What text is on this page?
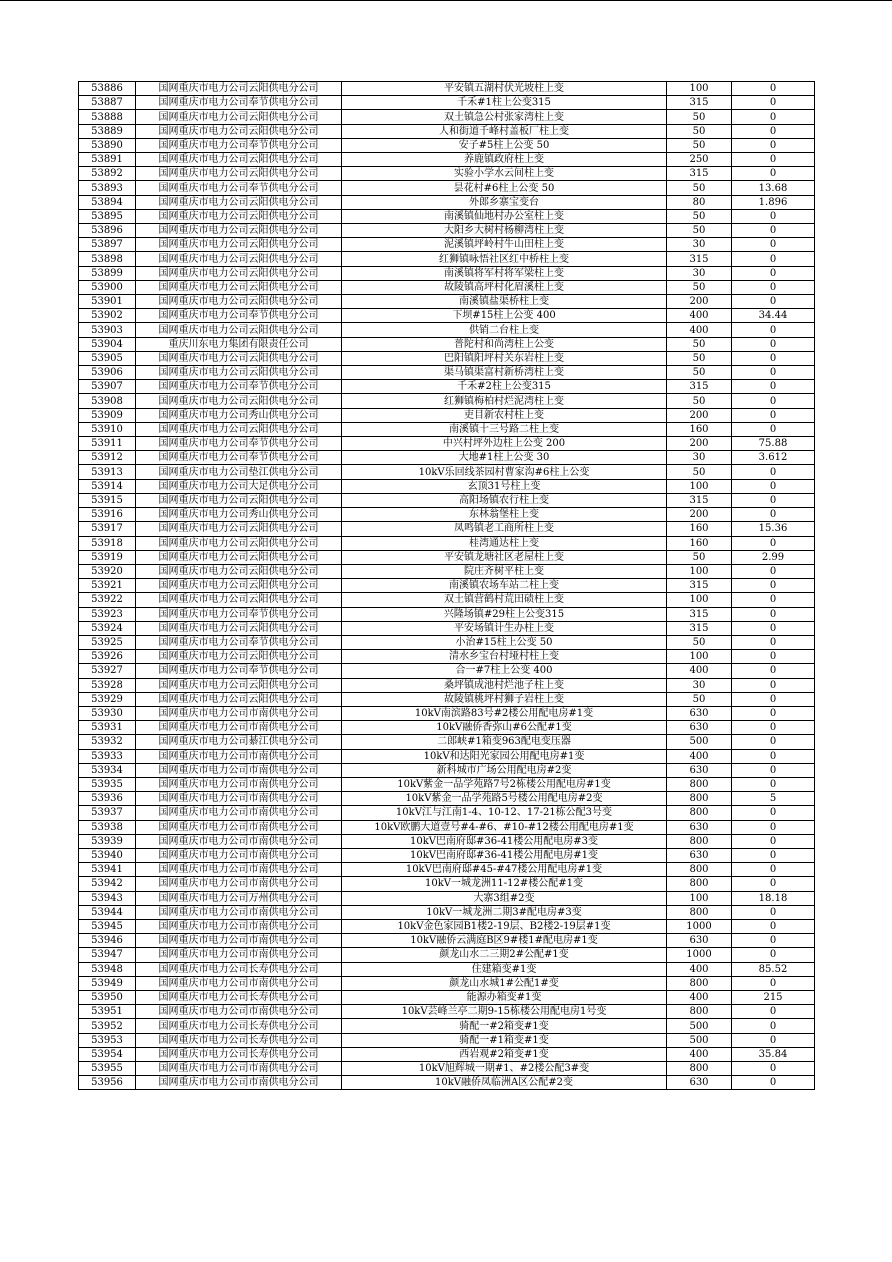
53886	国网重庆市电力公司云阳供电分公司	平安镇五湖村伏光坡柱上变	100	0
53887	国网重庆市电力公司奉节供电分公司	千禾#1柱上公变315	315	0
53888	国网重庆市电力公司云阳供电分公司	双土镇急公村张家湾柱上变	50	0
53889	国网重庆市电力公司云阳供电分公司	人和街道千峰村盖板厂柱上变	50	0
53890	国网重庆市电力公司奉节供电分公司	安子#5柱上公变 50	50	0
53891	国网重庆市电力公司云阳供电分公司	养鹿镇政府柱上变	250	0
53892	国网重庆市电力公司云阳供电分公司	实验小学水云间柱上变	315	0
53893	国网重庆市电力公司奉节供电分公司	昙花村#6柱上公变 50	50	13.68
53894	国网重庆市电力公司云阳供电分公司	外郎乡寨宝变台	80	1.896
53895	国网重庆市电力公司云阳供电分公司	南溪镇仙地村办公室柱上变	50	0
53896	国网重庆市电力公司云阳供电分公司	大阳乡大树村杨柳湾柱上变	50	0
53897	国网重庆市电力公司云阳供电分公司	泥溪镇坪岭村牛山田柱上变	30	0
53898	国网重庆市电力公司云阳供电分公司	红狮镇咏悟社区红中桥柱上变	315	0
53899	国网重庆市电力公司云阳供电分公司	南溪镇将军村将军梁柱上变	30	0
53900	国网重庆市电力公司云阳供电分公司	故陵镇高坪村化眉溪柱上变	50	0
53901	国网重庆市电力公司云阳供电分公司	南溪镇盐渠桥柱上变	200	0
53902	国网重庆市电力公司奉节供电分公司	下坝#15柱上公变 400	400	34.44
53903	国网重庆市电力公司云阳供电分公司	供销二台柱上变	400	0
53904	重庆川东电力集团有限责任公司	普陀村和尚湾柱上公变	50	0
53905	国网重庆市电力公司云阳供电分公司	巴阳镇阳坪村关东岩柱上变	50	0
53906	国网重庆市电力公司云阳供电分公司	渠马镇渠富村新桥湾柱上变	50	0
53907	国网重庆市电力公司奉节供电分公司	千禾#2柱上公变315	315	0
53908	国网重庆市电力公司云阳供电分公司	红狮镇梅柏村烂泥湾柱上变	50	0
53909	国网重庆市电力公司秀山供电分公司	吏目新农村柱上变	200	0
53910	国网重庆市电力公司云阳供电分公司	南溪镇十三号路二柱上变	160	0
53911	国网重庆市电力公司奉节供电分公司	中兴村坪外边柱上公变 200	200	75.88
53912	国网重庆市电力公司奉节供电分公司	大地#1柱上公变 30	30	3.612
53913	国网重庆市电力公司垫江供电分公司	10kV乐回线茶园村曹家沟#6柱上公变	50	0
53914	国网重庆市电力公司大足供电分公司	玄顶31号柱上变	100	0
53915	国网重庆市电力公司云阳供电分公司	高阳场镇农行柱上变	315	0
53916	国网重庆市电力公司秀山供电分公司	东林翁堡柱上变	200	0
53917	国网重庆市电力公司云阳供电分公司	凤鸣镇老工商所柱上变	160	15.36
53918	国网重庆市电力公司云阳供电分公司	桂湾通达柱上变	160	0
53919	国网重庆市电力公司云阳供电分公司	平安镇龙塘社区老屋柱上变	50	2.99
53920	国网重庆市电力公司云阳供电分公司	院庄齐树平柱上变	100	0
53921	国网重庆市电力公司云阳供电分公司	南溪镇农场车站二柱上变	315	0
53922	国网重庆市电力公司云阳供电分公司	双土镇营鹤村荒田碛柱上变	100	0
53923	国网重庆市电力公司奉节供电分公司	兴隆场镇#29柱上公变315	315	0
53924	国网重庆市电力公司云阳供电分公司	平安场镇计生办柱上变	315	0
53925	国网重庆市电力公司奉节供电分公司	小治#15柱上公变 50	50	0
53926	国网重庆市电力公司云阳供电分公司	清水乡宝台村垭村柱上变	100	0
53927	国网重庆市电力公司奉节供电分公司	合一#7柱上公变 400	400	0
53928	国网重庆市电力公司云阳供电分公司	桑坪镇成池村烂池子柱上变	30	0
53929	国网重庆市电力公司云阳供电分公司	故陵镇桃坪村狮子岩柱上变	50	0
53930	国网重庆市电力公司市南供电分公司	10kV南滨路83号#2楼公用配电房#1变	630	0
53931	国网重庆市电力公司市南供电分公司	10kV融侨香弥山#6公配#1变	630	0
53932	国网重庆市电力公司綦江供电分公司	二郎峡#1箱变963配电变压器	500	0
53933	国网重庆市电力公司市南供电分公司	10kV和达阳光家园公用配电房#1变	400	0
53934	国网重庆市电力公司市南供电分公司	新科城市广场公用配电房#2变	630	0
53935	国网重庆市电力公司市南供电分公司	10kV紫金一品学苑路7号2栋楼公用配电房#1变	800	0
53936	国网重庆市电力公司市南供电分公司	10kV紫金一品学苑路5号楼公用配电房#2变	800	5
53937	国网重庆市电力公司市南供电分公司	10kV江与江南1-4、10-12、17-21栋公配3号变	800	0
53938	国网重庆市电力公司市南供电分公司	10kV欧鹏大道壹号#4-#6、#10-#12楼公用配电房#1变	630	0
53939	国网重庆市电力公司市南供电分公司	10kV巴南府邸#36-41楼公用配电房#3变	800	0
53940	国网重庆市电力公司市南供电分公司	10kV巴南府邸#36-41楼公用配电房#1变	630	0
53941	国网重庆市电力公司市南供电分公司	10kV巴南府邸#45-#47楼公用配电房#1变	800	0
53942	国网重庆市电力公司市南供电分公司	10kV一城龙洲11-12#楼公配#1变	800	0
53943	国网重庆市电力公司万州供电分公司	大寨3组#2变	100	18.18
53944	国网重庆市电力公司市南供电分公司	10kV一城龙洲二期3#配电房#3变	800	0
53945	国网重庆市电力公司市南供电分公司	10kV金色家园B1楼2-19层、B2楼2-19层#1变	1000	0
53946	国网重庆市电力公司市南供电分公司	10kV融侨云满庭B区9#楼1#配电房#1变	630	0
53947	国网重庆市电力公司市南供电分公司	颜龙山水二三期2#公配#1变	1000	0
53948	国网重庆市电力公司长寿供电分公司	住建箱变#1变	400	85.52
53949	国网重庆市电力公司市南供电分公司	颜龙山水城1#公配1#变	800	0
53950	国网重庆市电力公司长寿供电分公司	能源办箱变#1变	400	215
53951	国网重庆市电力公司市南供电分公司	10kV芸峰兰亭二期9-15栋楼公用配电房1号变	800	0
53952	国网重庆市电力公司长寿供电分公司	骑配一#2箱变#1变	500	0
53953	国网重庆市电力公司长寿供电分公司	骑配一#1箱变#1变	500	0
53954	国网重庆市电力公司长寿供电分公司	西岩观#2箱变#1变	400	35.84
53955	国网重庆市电力公司市南供电分公司	10kV旭辉城一期#1、#2楼公配3#变	800	0
53956	国网重庆市电力公司市南供电分公司	10kV融侨凤临洲A区公配#2变	630	0
